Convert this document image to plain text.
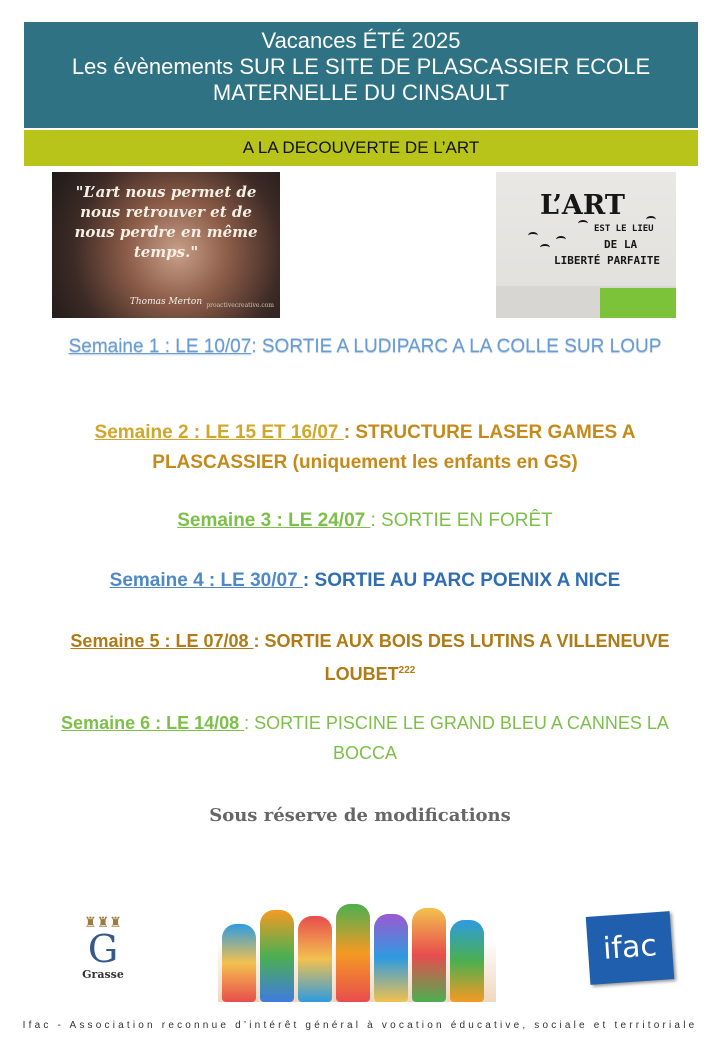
Vacances ÉTÉ 2025
Les évènements SUR LE SITE DE PLASCASSIER ECOLE
MATERNELLE DU CINSAULT
A LA DECOUVERTE DE L’ART
"L’art nous permet de nous retrouver et de nous perdre en même temps."
Thomas Merton proactivecreative.com
L’ART
EST LE LIEU
DE LA
LIBERTÉ PARFAITE
Semaine 1 : LE 10/07: SORTIE A LUDIPARC A LA COLLE SUR LOUP
Semaine 2 : LE 15 ET 16/07 : STRUCTURE LASER GAMES A PLASCASSIER (uniquement les enfants en GS)
Semaine 3 : LE 24/07 : SORTIE EN FORÊT
Semaine 4 : LE 30/07 : SORTIE AU PARC POENIX A NICE
Semaine 5 : LE 07/08 : SORTIE AUX BOIS DES LUTINS A VILLENEUVE LOUBET$^{222}$
Semaine 6 : LE 14/08 : SORTIE PISCINE LE GRAND BLEU A CANNES LA BOCCA
Sous réserve de modifications
♜♜♜
G
Grasse
ifac
Ifac - Association reconnue d’intérêt général à vocation éducative, sociale et territoriale
